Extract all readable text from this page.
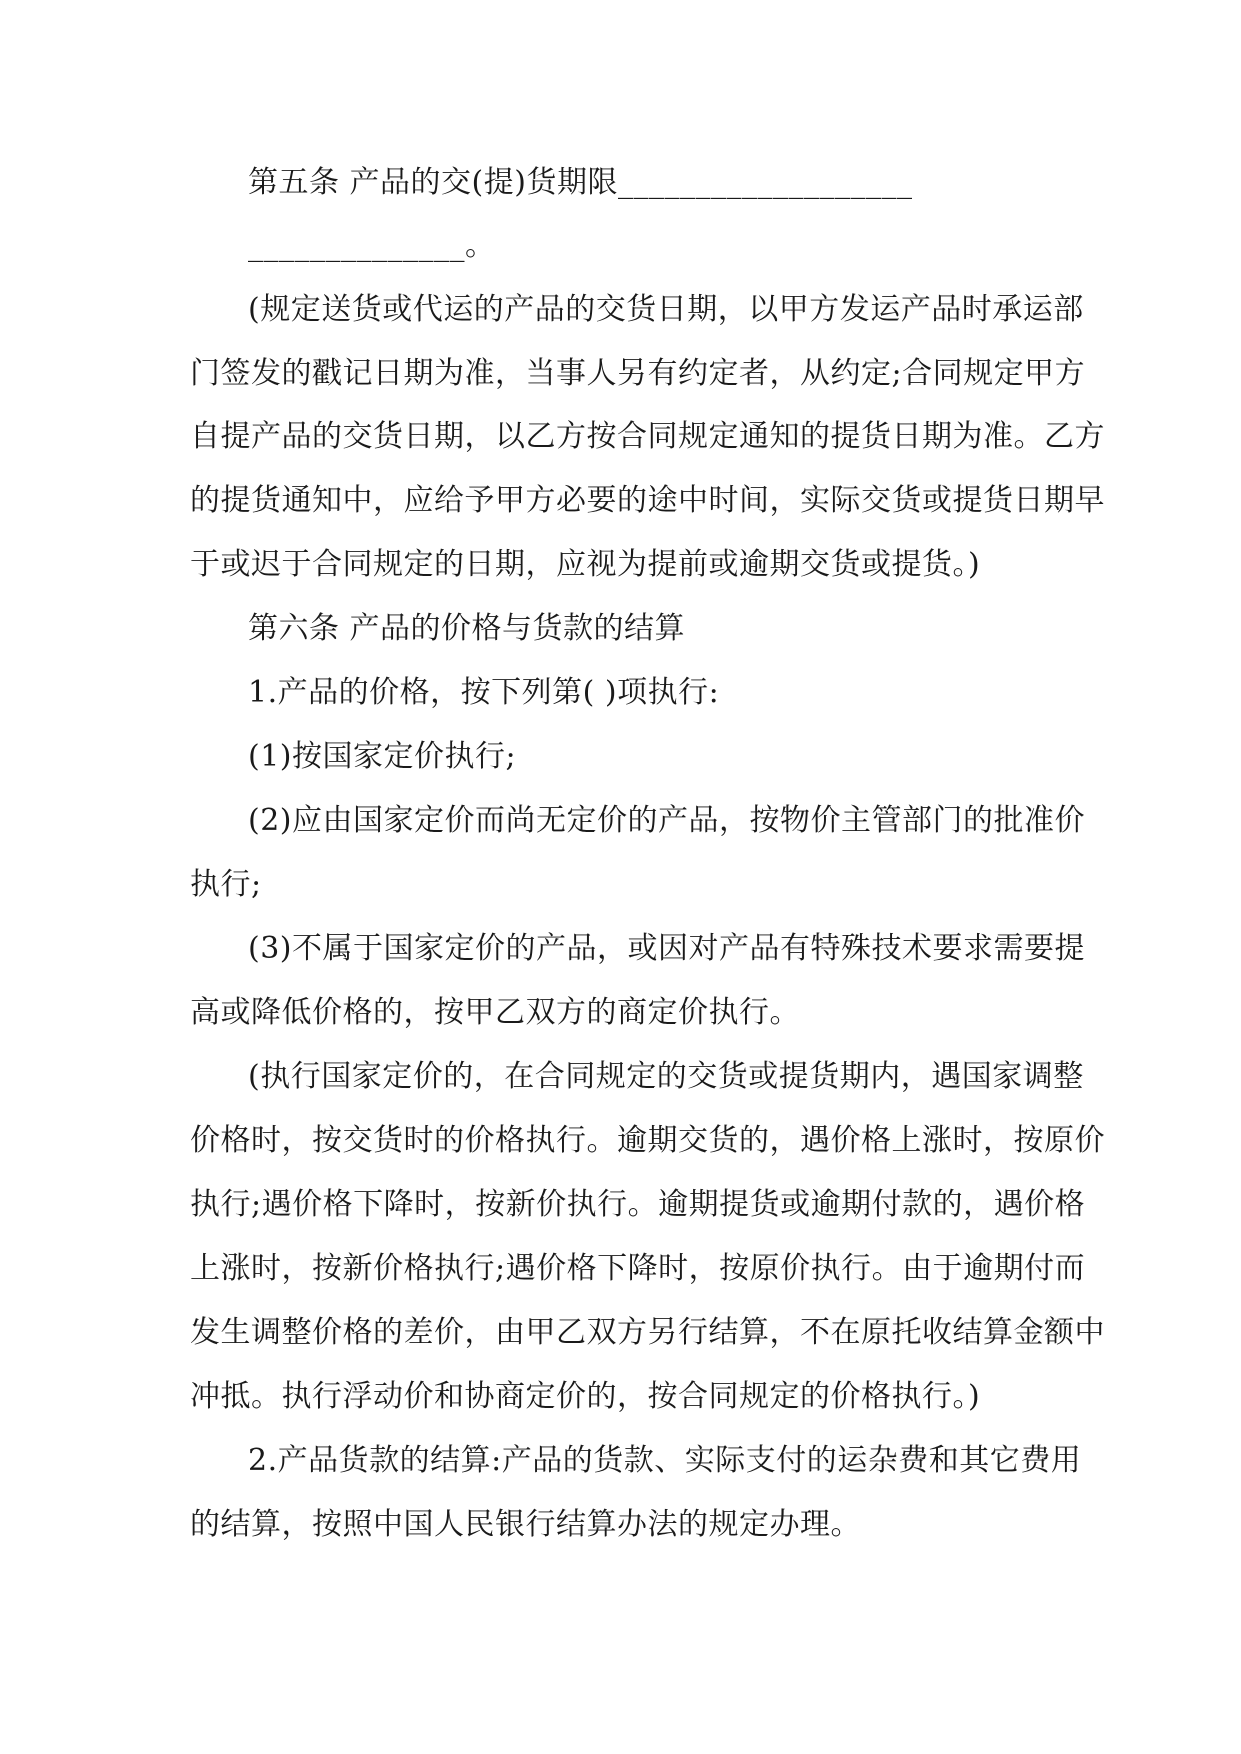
第五条 产品的交(提)货期限___________________
______________。
(规定送货或代运的产品的交货日期，以甲方发运产品时承运部
门签发的戳记日期为准，当事人另有约定者，从约定;合同规定甲方
自提产品的交货日期，以乙方按合同规定通知的提货日期为准。乙方
的提货通知中，应给予甲方必要的途中时间，实际交货或提货日期早
于或迟于合同规定的日期，应视为提前或逾期交货或提货。)
第六条 产品的价格与货款的结算
1.产品的价格，按下列第( )项执行:
(1)按国家定价执行;
(2)应由国家定价而尚无定价的产品，按物价主管部门的批准价
执行;
(3)不属于国家定价的产品，或因对产品有特殊技术要求需要提
高或降低价格的，按甲乙双方的商定价执行。
(执行国家定价的，在合同规定的交货或提货期内，遇国家调整
价格时，按交货时的价格执行。逾期交货的，遇价格上涨时，按原价
执行;遇价格下降时，按新价执行。逾期提货或逾期付款的，遇价格
上涨时，按新价格执行;遇价格下降时，按原价执行。由于逾期付而
发生调整价格的差价，由甲乙双方另行结算，不在原托收结算金额中
冲抵。执行浮动价和协商定价的，按合同规定的价格执行。)
2.产品货款的结算:产品的货款、实际支付的运杂费和其它费用
的结算，按照中国人民银行结算办法的规定办理。
